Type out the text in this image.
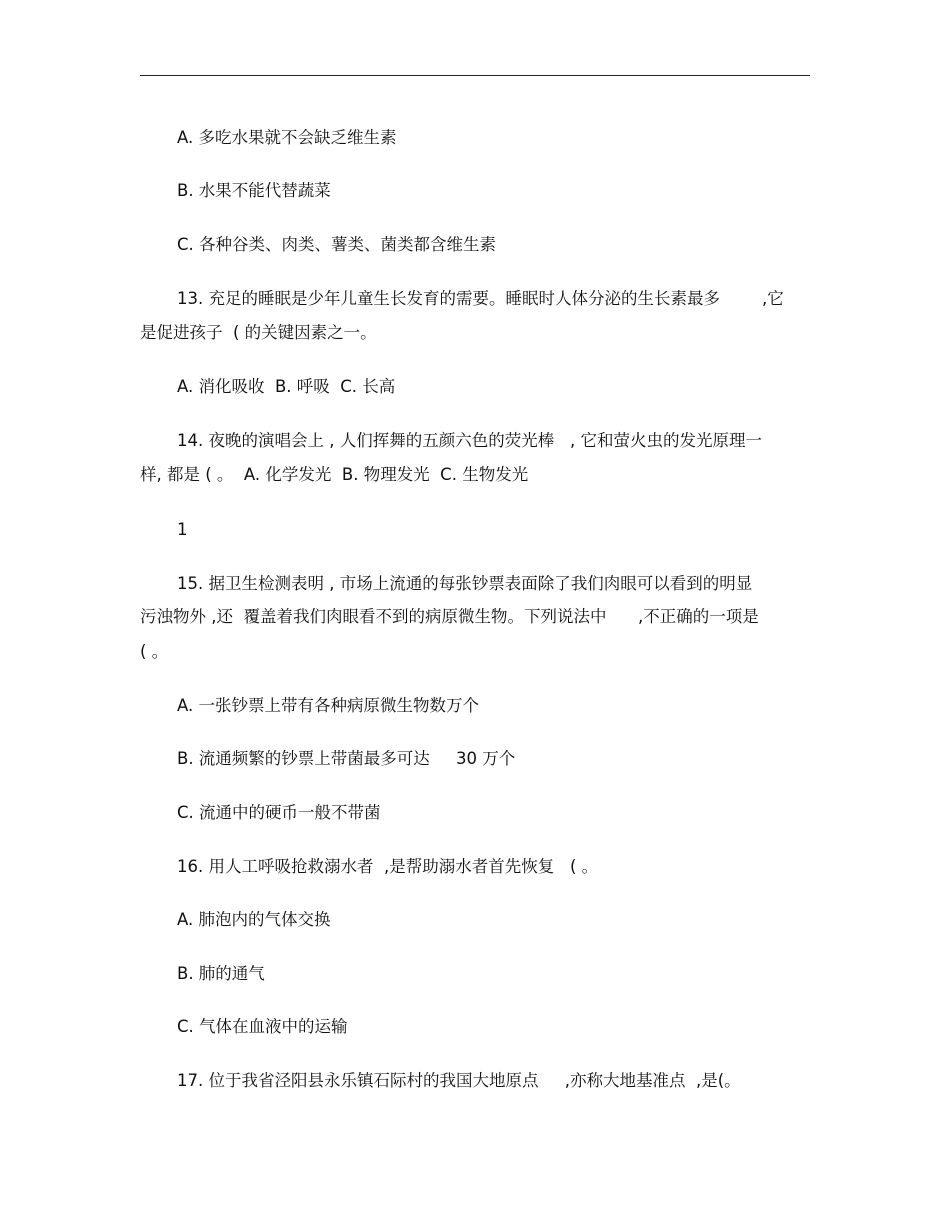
A. 多吃水果就不会缺乏维生素
B. 水果不能代替蔬菜
C. 各种谷类、肉类、薯类、菌类都含维生素
13. 充足的睡眠是少年儿童生长发育的需要。睡眠时人体分泌的生长素最多        ,它
是促进孩子  ( 的关键因素之一。
A. 消化吸收  B. 呼吸  C. 长高
14. 夜晚的演唱会上 , 人们挥舞的五颜六色的荧光棒   , 它和萤火虫的发光原理一
样, 都是 ( 。  A. 化学发光  B. 物理发光  C. 生物发光
1
15. 据卫生检测表明 , 市场上流通的每张钞票表面除了我们肉眼可以看到的明显
污浊物外 ,还  覆盖着我们肉眼看不到的病原微生物。下列说法中      ,不正确的一项是
( 。
A. 一张钞票上带有各种病原微生物数万个
B. 流通频繁的钞票上带菌最多可达     30 万个
C. 流通中的硬币一般不带菌
16. 用人工呼吸抢救溺水者  ,是帮助溺水者首先恢复   ( 。
A. 肺泡内的气体交换
B. 肺的通气
C. 气体在血液中的运输
17. 位于我省泾阳县永乐镇石际村的我国大地原点     ,亦称大地基准点  ,是(。
